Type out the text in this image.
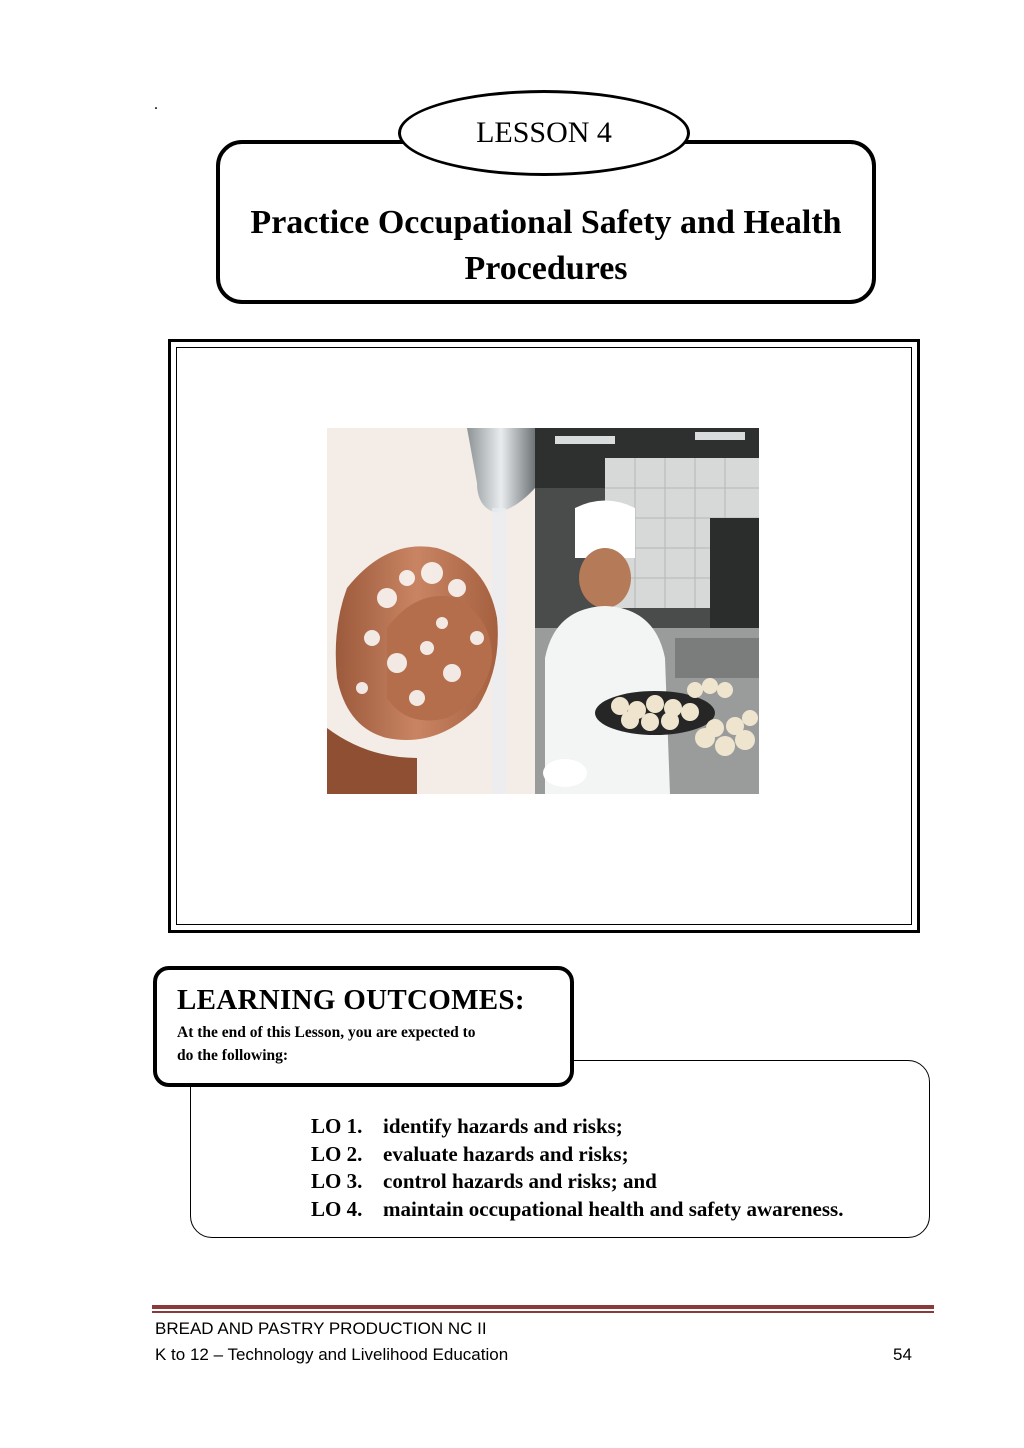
.
LESSON 4
Practice Occupational Safety and Health
Procedures
LO 1. identify hazards and risks;
LO 2. evaluate hazards and risks;
LO 3. control hazards and risks; and
LO 4. maintain occupational health and safety awareness.
LEARNING OUTCOMES:
At the end of this Lesson, you are expected to
do the following:
BREAD AND PASTRY PRODUCTION NC II
K to 12 – Technology and Livelihood Education	54
